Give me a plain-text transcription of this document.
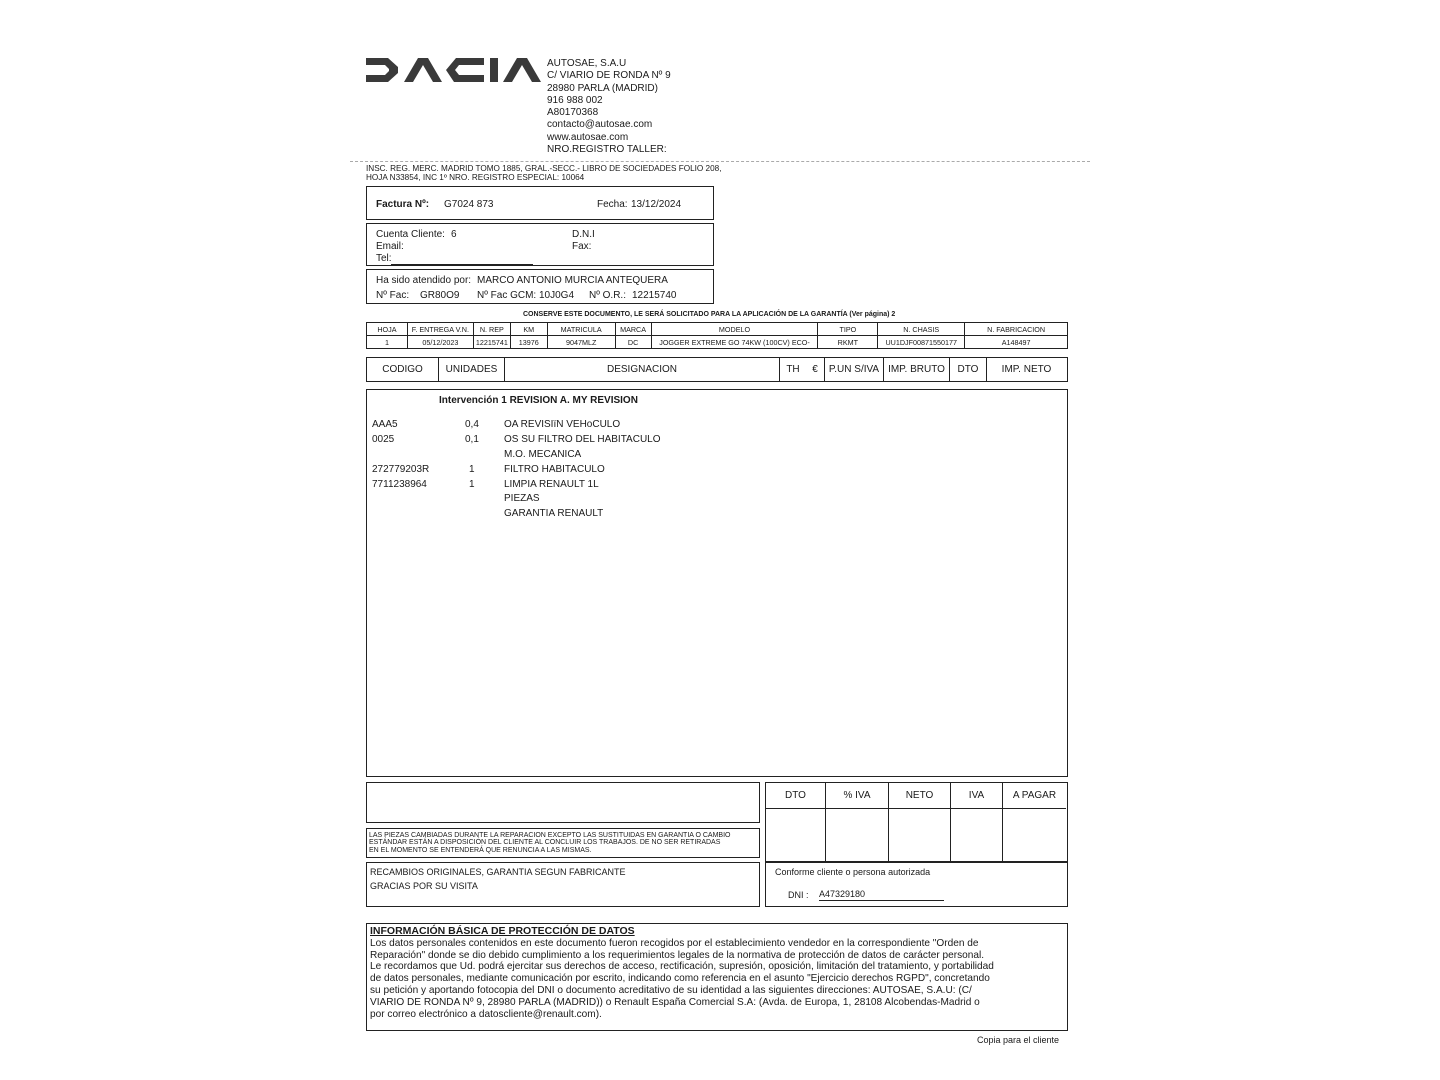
AUTOSAE, S.A.U
C/ VIARIO DE RONDA Nº 9
28980 PARLA (MADRID)
916 988 002
A80170368
contacto@autosae.com
www.autosae.com
NRO.REGISTRO TALLER:
INSC. REG. MERC. MADRID TOMO 1885, GRAL.-SECC.- LIBRO DE SOCIEDADES FOLIO 208,
HOJA N33854, INC 1º NRO. REGISTRO ESPECIAL: 10064
Factura Nº: G7024 873	Fecha: 13/12/2024
Cuenta Cliente: 6
Email:
Tel:
D.N.I
Fax:
Ha sido atendido por: MARCO ANTONIO MURCIA ANTEQUERA
Nº Fac: GR80O9 Nº Fac GCM: 10J0G4 Nº O.R.: 12215740
CONSERVE ESTE DOCUMENTO, LE SERÁ SOLICITADO PARA LA APLICACIÓN DE LA GARANTÍA (Ver página) 2
HOJA	F. ENTREGA V.N.	N. REP	KM	MATRICULA	MARCA	MODELO	TIPO	N. CHASIS	N. FABRICACION
1	05/12/2023	12215741	13976	9047MLZ	DC	JOGGER EXTREME GO 74KW (100CV) ECO-	RKMT	UU1DJF00871550177	A148497
CODIGO	UNIDADES	DESIGNACION	TH	€	P.UN S/IVA IMP. BRUTO	DTO	IMP. NETO
Intervención 1 REVISION A. MY REVISION
AAA5	0,4	OA REVISIïN VEHoCULO
0025	0,1	OS SU FILTRO DEL HABITACULO
M.O. MECANICA
272779203R	1	FILTRO HABITACULO
7711238964	1	LIMPIA RENAULT 1L
PIEZAS
GARANTIA RENAULT
DTO	% IVA	NETO	IVA	A PAGAR
LAS PIEZAS CAMBIADAS DURANTE LA REPARACION EXCEPTO LAS SUSTITUIDAS EN GARANTIA O CAMBIO
ESTÁNDAR ESTÁN A DISPOSICIÓN DEL CLIENTE AL CONCLUIR LOS TRABAJOS. DE NO SER RETIRADAS
EN EL MOMENTO SE ENTENDERÁ QUE RENUNCIA A LAS MISMAS.
RECAMBIOS ORIGINALES, GARANTIA SEGUN FABRICANTE
GRACIAS POR SU VISITA
Conforme cliente o persona autorizada
DNI : A47329180
INFORMACIÓN BÁSICA DE PROTECCIÓN DE DATOS
Los datos personales contenidos en este documento fueron recogidos por el establecimiento vendedor en la correspondiente "Orden de
Reparación" donde se dio debido cumplimiento a los requerimientos legales de la normativa de protección de datos de carácter personal.
Le recordamos que Ud. podrá ejercitar sus derechos de acceso, rectificación, supresión, oposición, limitación del tratamiento, y portabilidad
de datos personales, mediante comunicación por escrito, indicando como referencia en el asunto "Ejercicio derechos RGPD", concretando
su petición y aportando fotocopia del DNI o documento acreditativo de su identidad a las siguientes direcciones: AUTOSAE, S.A.U: (C/
VIARIO DE RONDA Nº 9, 28980 PARLA (MADRID)) o Renault España Comercial S.A: (Avda. de Europa, 1, 28108 Alcobendas-Madrid o
por correo electrónico a datoscliente@renault.com).
Copia para el cliente
